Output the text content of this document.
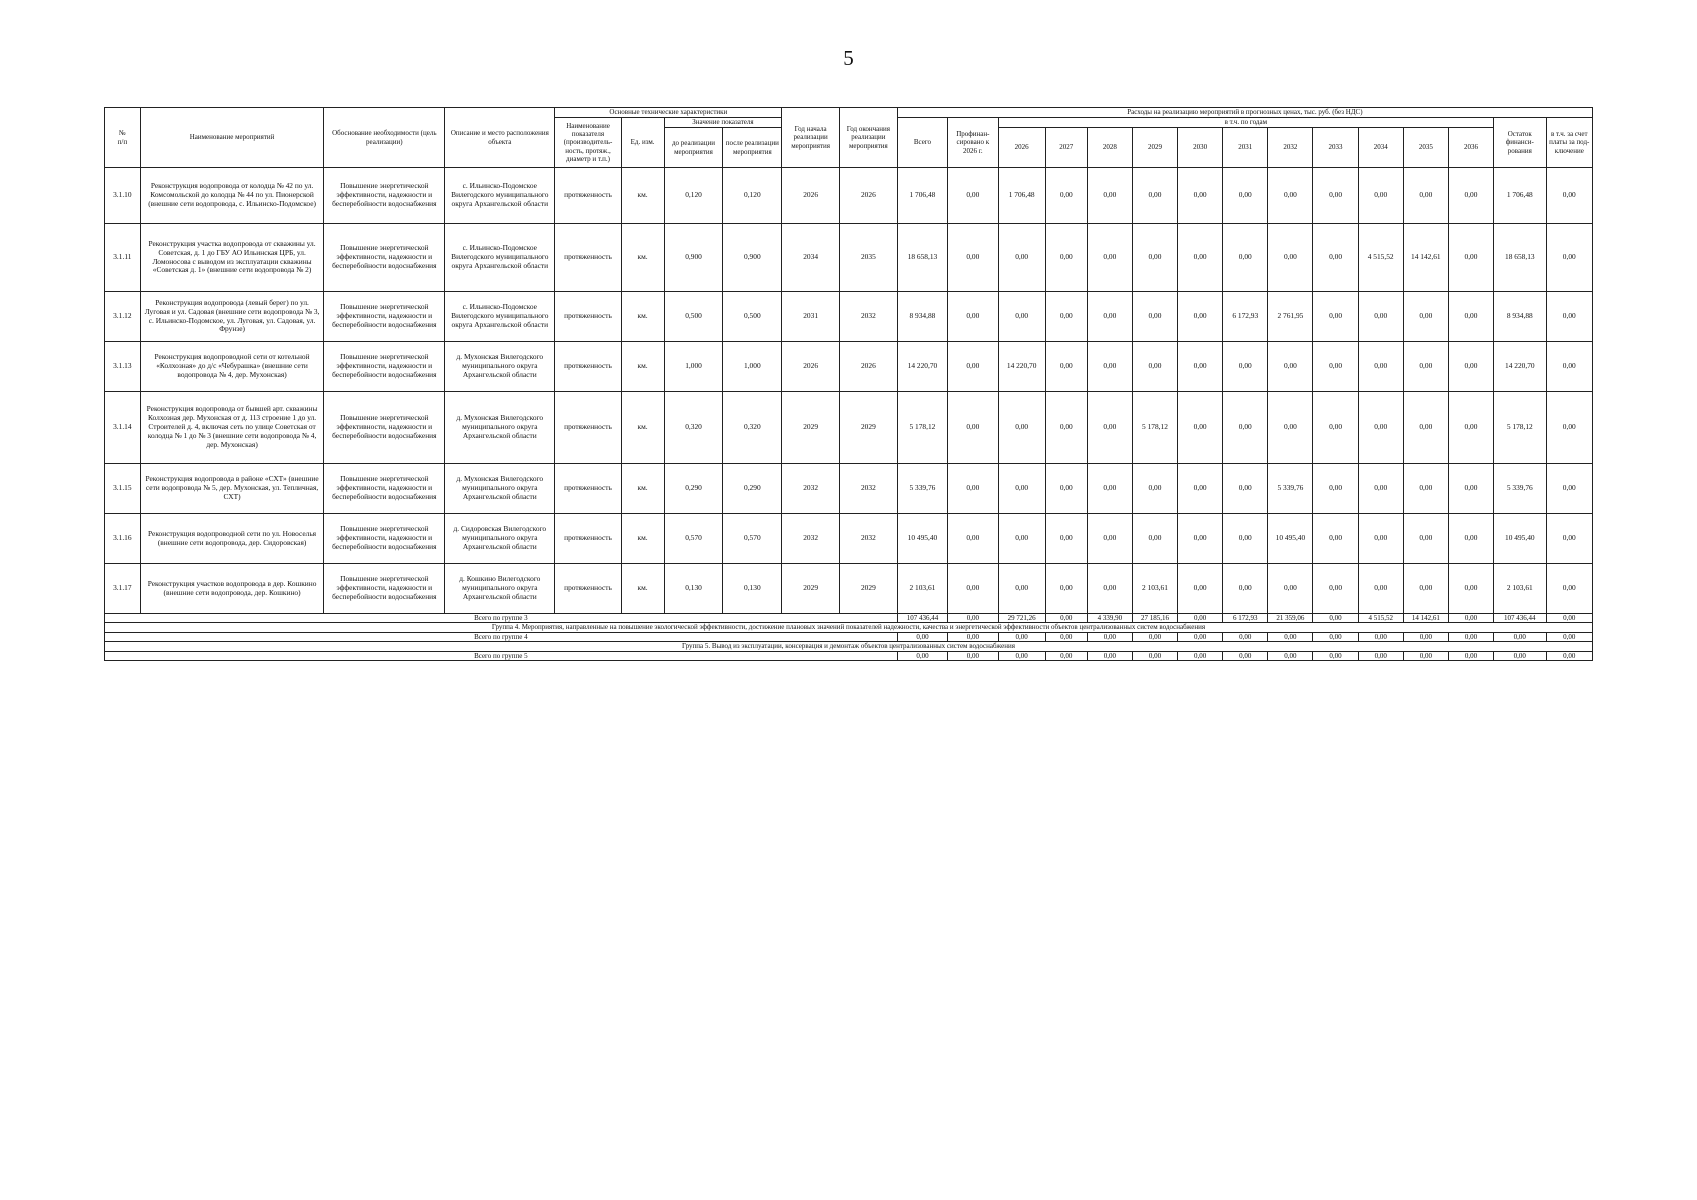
5
№
п/п	Наименование мероприятий	Обоснование необходимости (цель реализации)	Описание и место расположения объекта	Основные технические характеристики				Год начала реализации мероприятия	Год окончания реализации мероприятия	Расходы на реализацию мероприятий в прогнозных ценах, тыс. руб. (без НДС)														
				Наименование показателя (производитель-ность, протяж., диаметр и т.п.)	Ед. изм.	Значение показателя				Всего	Профинан-сировано к 2026 г.	в т.ч. по годам											Остаток финанси-рования	в т.ч. за счет платы за под-ключение
						до реализации мероприятия	после реализации мероприятия					2026	2027	2028	2029	2030	2031	2032	2033	2034	2035	2036		
3.1.10	Реконструкция водопровода от колодца № 42 по ул. Комсомольской до колодца № 44 по ул. Пионерской (внешние сети водопровода, с. Ильинско-Подомское)	Повышение энергетической эффективности, надежности и бесперебойности водоснабжения	с. Ильинско-Подомское Вилегодского муниципального округа Архангельской области	протяженность	км.	0,120	0,120	2026	2026	1 706,48	0,00	1 706,48	0,00	0,00	0,00	0,00	0,00	0,00	0,00	0,00	0,00	0,00	1 706,48	0,00
3.1.11	Реконструкция участка водопровода от скважины ул. Советская, д. 1 до ГБУ АО Ильинская ЦРБ, ул. Ломоносова с выводом из эксплуатации скважины «Советская д. 1» (внешние сети водопровода № 2)	Повышение энергетической эффективности, надежности и бесперебойности водоснабжения	с. Ильинско-Подомское Вилегодского муниципального округа Архангельской области	протяженность	км.	0,900	0,900	2034	2035	18 658,13	0,00	0,00	0,00	0,00	0,00	0,00	0,00	0,00	0,00	4 515,52	14 142,61	0,00	18 658,13	0,00
3.1.12	Реконструкция водопровода (левый берег) по ул. Луговая и ул. Садовая (внешние сети водопровода № 3, с. Ильинско-Подомское, ул. Луговая, ул. Садовая, ул. Фрунзе)	Повышение энергетической эффективности, надежности и бесперебойности водоснабжения	с. Ильинско-Подомское Вилегодского муниципального округа Архангельской области	протяженность	км.	0,500	0,500	2031	2032	8 934,88	0,00	0,00	0,00	0,00	0,00	0,00	6 172,93	2 761,95	0,00	0,00	0,00	0,00	8 934,88	0,00
3.1.13	Реконструкция водопроводной сети от котельной «Колхозная» до д/с «Чебурашка» (внешние сети водопровода № 4, дер. Мухонская)	Повышение энергетической эффективности, надежности и бесперебойности водоснабжения	д. Мухонская Вилегодского муниципального округа Архангельской области	протяженность	км.	1,000	1,000	2026	2026	14 220,70	0,00	14 220,70	0,00	0,00	0,00	0,00	0,00	0,00	0,00	0,00	0,00	0,00	14 220,70	0,00
3.1.14	Реконструкция водопровода от бывшей арт. скважины Колхозная дер. Мухонская от д. 113 строение 1 до ул. Строителей д. 4, включая сеть по улице Советская от колодца № 1 до № 3 (внешние сети водопровода № 4, дер. Мухонская)	Повышение энергетической эффективности, надежности и бесперебойности водоснабжения	д. Мухонская Вилегодского муниципального округа Архангельской области	протяженность	км.	0,320	0,320	2029	2029	5 178,12	0,00	0,00	0,00	0,00	5 178,12	0,00	0,00	0,00	0,00	0,00	0,00	0,00	5 178,12	0,00
3.1.15	Реконструкция водопровода в районе «СХТ» (внешние сети водопровода № 5, дер. Мухонская, ул. Тепличная, СХТ)	Повышение энергетической эффективности, надежности и бесперебойности водоснабжения	д. Мухонская Вилегодского муниципального округа Архангельской области	протяженность	км.	0,290	0,290	2032	2032	5 339,76	0,00	0,00	0,00	0,00	0,00	0,00	0,00	5 339,76	0,00	0,00	0,00	0,00	5 339,76	0,00
3.1.16	Реконструкция водопроводной сети по ул. Новоселья (внешние сети водопровода, дер. Сидоровская)	Повышение энергетической эффективности, надежности и бесперебойности водоснабжения	д. Сидоровская Вилегодского муниципального округа Архангельской области	протяженность	км.	0,570	0,570	2032	2032	10 495,40	0,00	0,00	0,00	0,00	0,00	0,00	0,00	10 495,40	0,00	0,00	0,00	0,00	10 495,40	0,00
3.1.17	Реконструкция участков водопровода в дер. Кошкино (внешние сети водопровода, дер. Кошкино)	Повышение энергетической эффективности, надежности и бесперебойности водоснабжения	д. Кошкино Вилегодского муниципального округа Архангельской области	протяженность	км.	0,130	0,130	2029	2029	2 103,61	0,00	0,00	0,00	0,00	2 103,61	0,00	0,00	0,00	0,00	0,00	0,00	0,00	2 103,61	0,00
Всего по группе 3										107 436,44	0,00	29 721,26	0,00	4 339,90	27 185,16	0,00	6 172,93	21 359,06	0,00	4 515,52	14 142,61	0,00	107 436,44	0,00
Группа 4. Мероприятия, направленные на повышение экологической эффективности, достижение плановых значений показателей надежности, качества и энергетической эффективности объектов централизованных систем водоснабжения																								
Всего по группе 4										0,00	0,00	0,00	0,00	0,00	0,00	0,00	0,00	0,00	0,00	0,00	0,00	0,00	0,00	0,00
Группа 5. Вывод из эксплуатации, консервация и демонтаж объектов централизованных систем водоснабжения																								
Всего по группе 5										0,00	0,00	0,00	0,00	0,00	0,00	0,00	0,00	0,00	0,00	0,00	0,00	0,00	0,00	0,00
